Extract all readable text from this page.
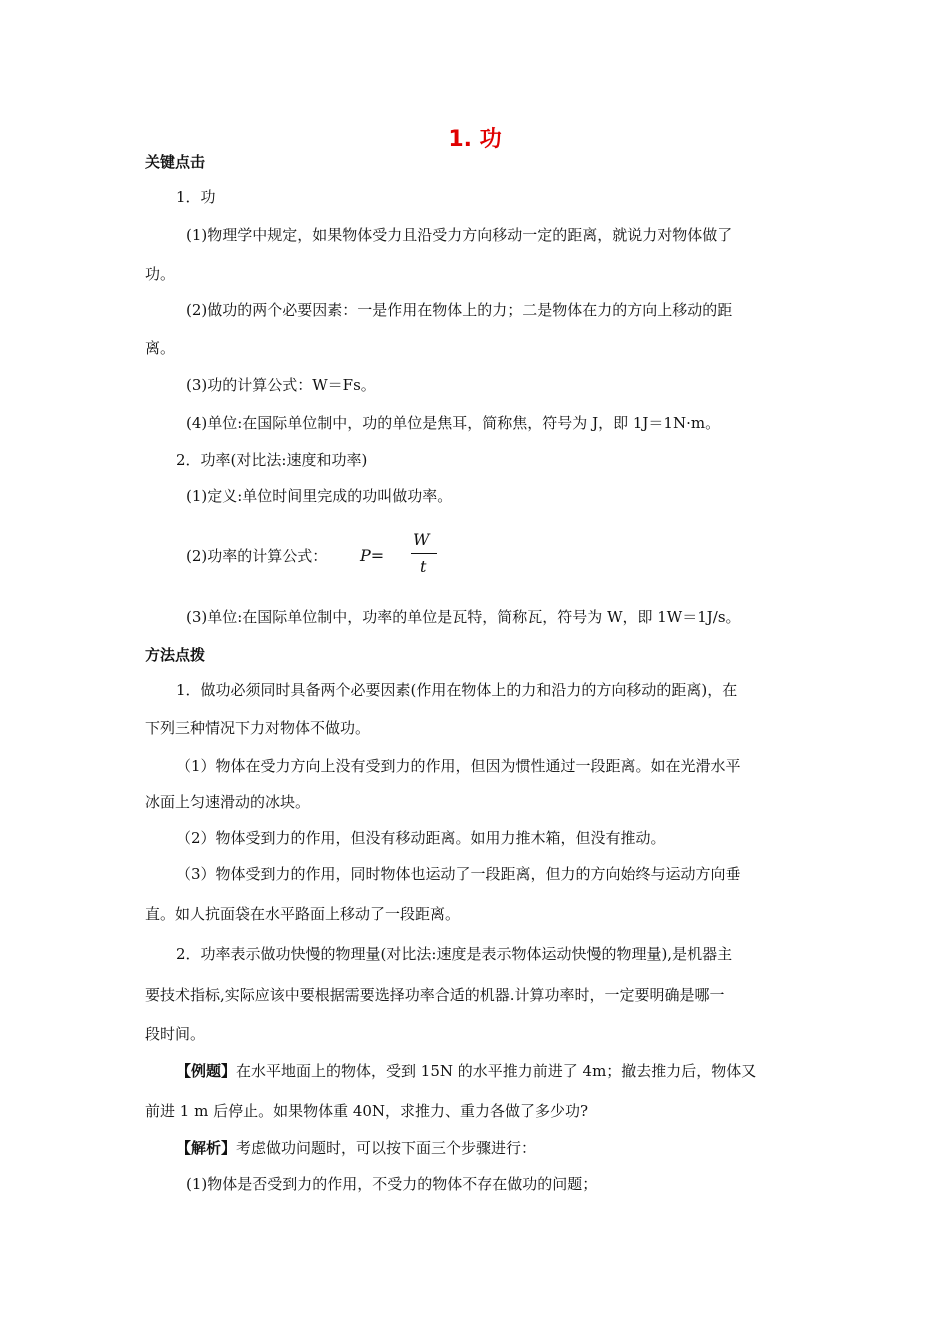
1. 功
关键点击
1．功
(1)物理学中规定，如果物体受力且沿受力方向移动一定的距离，就说力对物体做了
功。
(2)做功的两个必要因素：一是作用在物体上的力；二是物体在力的方向上移动的距
离。
(3)功的计算公式：W＝Fs。
(4)单位:在国际单位制中，功的单位是焦耳，简称焦，符号为 J，即 1J＝1N·m。
2．功率(对比法:速度和功率)
(1)定义:单位时间里完成的功叫做功率。
(2)功率的计算公式：	P=
W
t
(3)单位:在国际单位制中，功率的单位是瓦特，简称瓦，符号为 W，即 1W＝1J/s。
方法点拨
1．做功必须同时具备两个必要因素(作用在物体上的力和沿力的方向移动的距离)，在
下列三种情况下力对物体不做功。
（1）物体在受力方向上没有受到力的作用，但因为惯性通过一段距离。如在光滑水平
冰面上匀速滑动的冰块。
（2）物体受到力的作用，但没有移动距离。如用力推木箱，但没有推动。
（3）物体受到力的作用，同时物体也运动了一段距离，但力的方向始终与运动方向垂
直。如人抗面袋在水平路面上移动了一段距离。
2．功率表示做功快慢的物理量(对比法:速度是表示物体运动快慢的物理量),是机器主
要技术指标,实际应该中要根据需要选择功率合适的机器.计算功率时，一定要明确是哪一
段时间。
【例题】在水平地面上的物体，受到 15N 的水平推力前进了 4m；撤去推力后，物体又
前进 1 m 后停止。如果物体重 40N，求推力、重力各做了多少功?
【解析】考虑做功问题时，可以按下面三个步骤进行：
(1)物体是否受到力的作用，不受力的物体不存在做功的问题；
